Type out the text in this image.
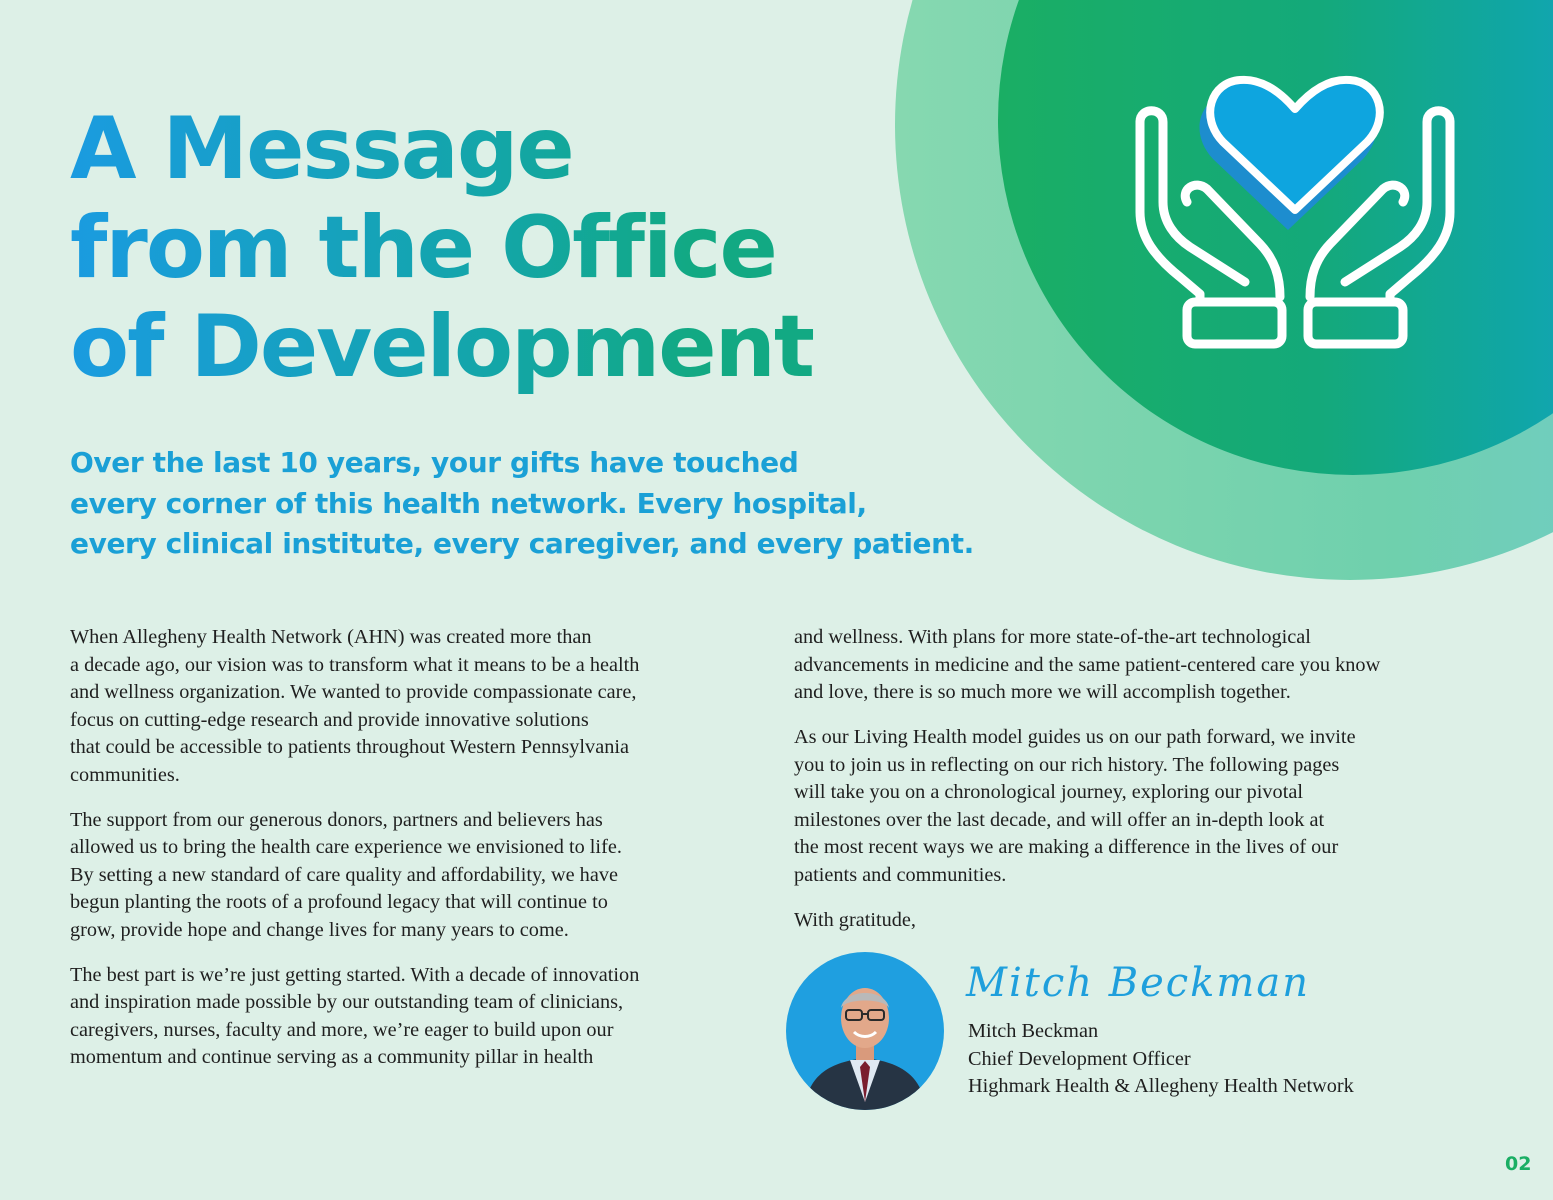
A Message
from the Office
of Development

Over the last 10 years, your gifts have touched
every corner of this health network. Every hospital,
every clinical institute, every caregiver, and every patient.

When Allegheny Health Network (AHN) was created more than
a decade ago, our vision was to transform what it means to be a health
and wellness organization. We wanted to provide compassionate care,
focus on cutting-edge research and provide innovative solutions
that could be accessible to patients throughout Western Pennsylvania
communities.

The support from our generous donors, partners and believers has
allowed us to bring the health care experience we envisioned to life.
By setting a new standard of care quality and affordability, we have
begun planting the roots of a profound legacy that will continue to
grow, provide hope and change lives for many years to come.

The best part is we’re just getting started. With a decade of innovation
and inspiration made possible by our outstanding team of clinicians,
caregivers, nurses, faculty and more, we’re eager to build upon our
momentum and continue serving as a community pillar in health

and wellness. With plans for more state-of-the-art technological
advancements in medicine and the same patient-centered care you know
and love, there is so much more we will accomplish together.

As our Living Health model guides us on our path forward, we invite
you to join us in reflecting on our rich history. The following pages
will take you on a chronological journey, exploring our pivotal
milestones over the last decade, and will offer an in-depth look at
the most recent ways we are making a difference in the lives of our
patients and communities.

With gratitude,

Mitch Beckman

Mitch Beckman
Chief Development Officer
Highmark Health & Allegheny Health Network
02
